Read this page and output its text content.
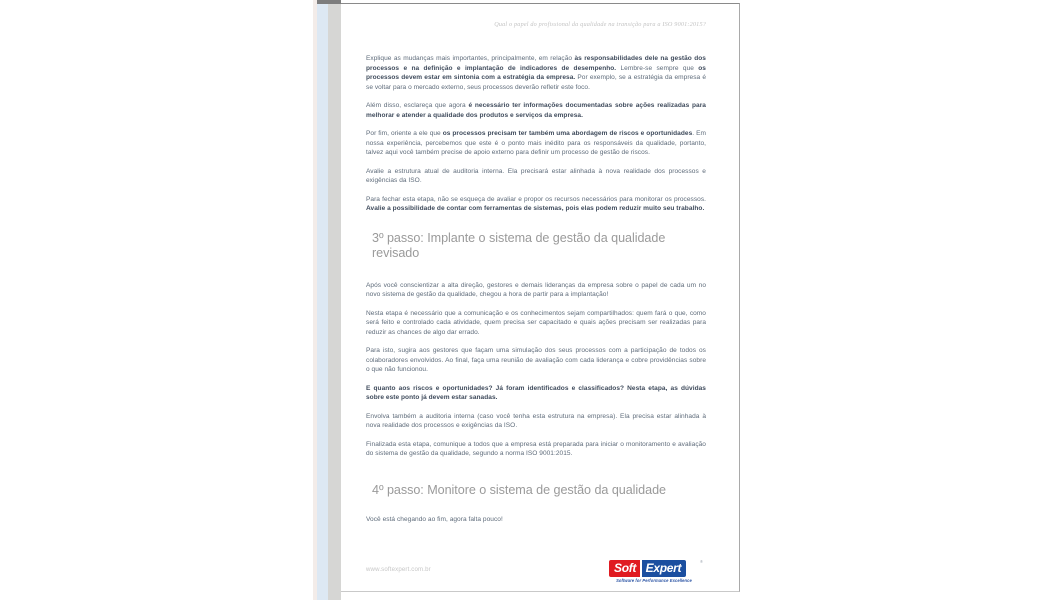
Qual o papel do profissional da qualidade na transição para a ISO 9001:2015?

Explique as mudanças mais importantes, principalmente, em relação às responsabilidades dele na gestão dos processos e na definição e implantação de indicadores de desempenho. Lembre-se sempre que os processos devem estar em sintonia com a estratégia da empresa. Por exemplo, se a estratégia da empresa é se voltar para o mercado externo, seus processos deverão refletir este foco.

Além disso, esclareça que agora é necessário ter informações documentadas sobre ações realizadas para melhorar e atender a qualidade dos produtos e serviços da empresa.

Por fim, oriente a ele que os processos precisam ter também uma abordagem de riscos e oportunidades. Em nossa experiência, percebemos que este é o ponto mais inédito para os responsáveis da qualidade, portanto, talvez aqui você também precise de apoio externo para definir um processo de gestão de riscos.

Avalie a estrutura atual de auditoria interna. Ela precisará estar alinhada à nova realidade dos processos e exigências da ISO.

Para fechar esta etapa, não se esqueça de avaliar e propor os recursos necessários para monitorar os processos. Avalie a possibilidade de contar com ferramentas de sistemas, pois elas podem reduzir muito seu trabalho.

3º passo: Implante o sistema de gestão da qualidade revisado

Após você conscientizar a alta direção, gestores e demais lideranças da empresa sobre o papel de cada um no novo sistema de gestão da qualidade, chegou a hora de partir para a implantação!

Nesta etapa é necessário que a comunicação e os conhecimentos sejam compartilhados: quem fará o que, como será feito e controlado cada atividade, quem precisa ser capacitado e quais ações precisam ser realizadas para reduzir as chances de algo dar errado.

Para isto, sugira aos gestores que façam uma simulação dos seus processos com a participação de todos os colaboradores envolvidos. Ao final, faça uma reunião de avaliação com cada liderança e cobre providências sobre o que não funcionou.

E quanto aos riscos e oportunidades? Já foram identificados e classificados? Nesta etapa, as dúvidas sobre este ponto já devem estar sanadas.

Envolva também a auditoria interna (caso você tenha esta estrutura na empresa). Ela precisa estar alinhada à nova realidade dos processos e exigências da ISO.

Finalizada esta etapa, comunique a todos que a empresa está preparada para iniciar o monitoramento e avaliação do sistema de gestão da qualidade, segundo a norma ISO 9001:2015.

4º passo: Monitore o sistema de gestão da qualidade

Você está chegando ao fim, agora falta pouco!

www.softexpert.com.br	Soft Expert	®
Software for Performance Excellence
